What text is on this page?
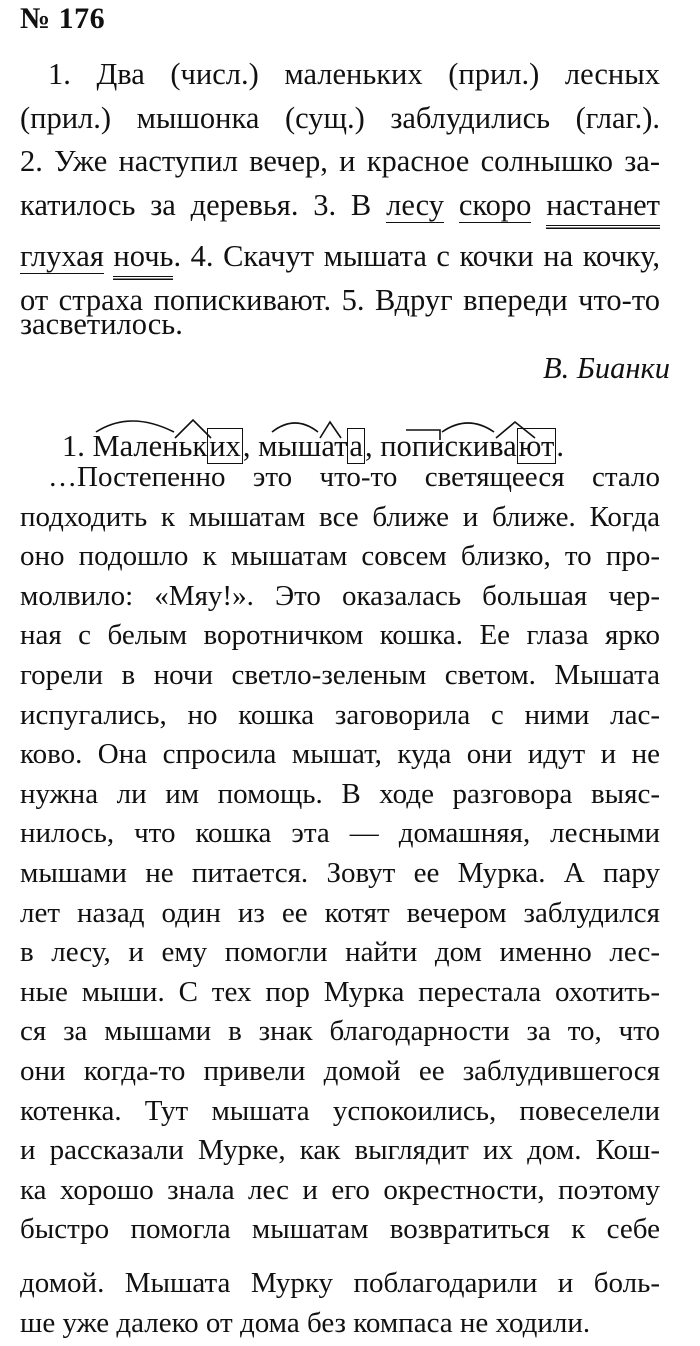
№ 176
1. Два (числ.) маленьких (прил.) лесных
(прил.) мышонка (сущ.) заблудились (глаг.).
2. Уже наступил вечер, и красное солнышко за-
катилось за деревья. 3. В лесу скоро настанет
глухая ночь. 4. Скачут мышата с кочки на кочку,
от страха попискивают. 5. Вдруг впереди что-то
засветилось.
В. Бианки
1. Маленьких, мышата, попискивают.
…Постепенно это что-то светящееся стало
подходить к мышатам все ближе и ближе. Когда
оно подошло к мышатам совсем близко, то про-
молвило: «Мяу!». Это оказалась большая чер-
ная с белым воротничком кошка. Ее глаза ярко
горели в ночи светло-зеленым светом. Мышата
испугались, но кошка заговорила с ними лас-
ково. Она спросила мышат, куда они идут и не
нужна ли им помощь. В ходе разговора выяс-
нилось, что кошка эта — домашняя, лесными
мышами не питается. Зовут ее Мурка. А пару
лет назад один из ее котят вечером заблудился
в лесу, и ему помогли найти дом именно лес-
ные мыши. С тех пор Мурка перестала охотить-
ся за мышами в знак благодарности за то, что
они когда-то привели домой ее заблудившегося
котенка. Тут мышата успокоились, повеселели
и рассказали Мурке, как выглядит их дом. Кош-
ка хорошо знала лес и его окрестности, поэтому
быстро помогла мышатам возвратиться к себе
домой. Мышата Мурку поблагодарили и боль-
ше уже далеко от дома без компаса не ходили.
